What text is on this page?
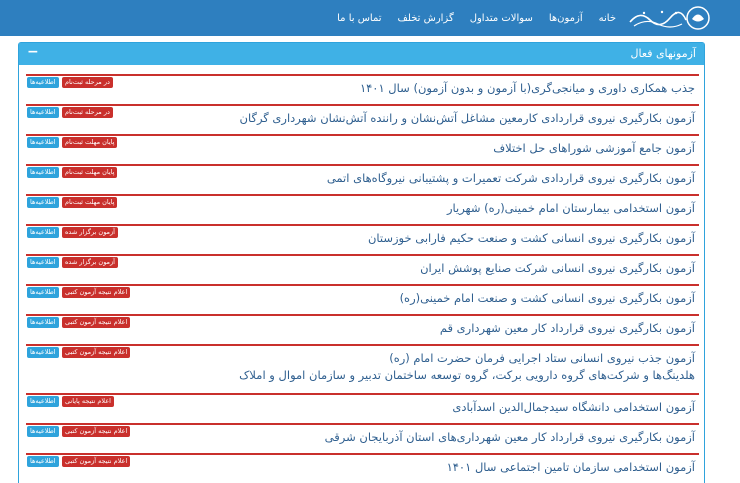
خانه
آزمون‌ها
سوالات متداول
گزارش تخلف
تماس با ما
آزمونهای فعال
−
اطلاعیه‌ها	در مرحله ثبت‌نام	جذب همکاری داوری و میانجی‌گری(با آزمون و بدون آزمون) سال ۱۴۰۱
اطلاعیه‌ها	در مرحله ثبت‌نام	آزمون بکارگیری نیروی قراردادی کارمعین مشاغل آتش‌نشان و راننده آتش‌نشان شهرداری گرگان
اطلاعیه‌ها	پایان مهلت ثبت‌نام	آزمون جامع آموزشی شوراهای حل اختلاف
اطلاعیه‌ها	پایان مهلت ثبت‌نام	آزمون بکارگیری نیروی قراردادی شرکت تعمیرات و پشتیبانی نیروگاه‌های اتمی
اطلاعیه‌ها	پایان مهلت ثبت‌نام	آزمون استخدامی بیمارستان امام خمینی(ره) شهریار
اطلاعیه‌ها	آزمون برگزار شده	آزمون بکارگیری نیروی انسانی کشت و صنعت حکیم فارابی خوزستان
اطلاعیه‌ها	آزمون برگزار شده	آزمون بکارگیری نیروی انسانی شرکت صنایع پوشش ایران
اطلاعیه‌ها	اعلام نتیجه آزمون کتبی	آزمون بکارگیری نیروی انسانی کشت و صنعت امام خمینی(ره)
اطلاعیه‌ها	اعلام نتیجه آزمون کتبی	آزمون بکارگیری نیروی قرارداد کار معین شهرداری قم
اطلاعیه‌ها	اعلام نتیجه آزمون کتبی	آزمون جذب نیروی انسانی ستاد اجرایی فرمان حضرت امام (ره)
هلدینگ‌ها و شرکت‌های گروه دارویی برکت، گروه توسعه ساختمان تدبیر و سازمان اموال و املاک
اطلاعیه‌ها	اعلام نتیجه پایانی	آزمون استخدامی دانشگاه سیدجمال‌الدین اسدآبادی
اطلاعیه‌ها	اعلام نتیجه آزمون کتبی	آزمون بکارگیری نیروی قرارداد کار معین شهرداری‌های استان آذربایجان شرقی
اطلاعیه‌ها	اعلام نتیجه آزمون کتبی	آزمون استخدامی سازمان تامین اجتماعی سال ۱۴۰۱
